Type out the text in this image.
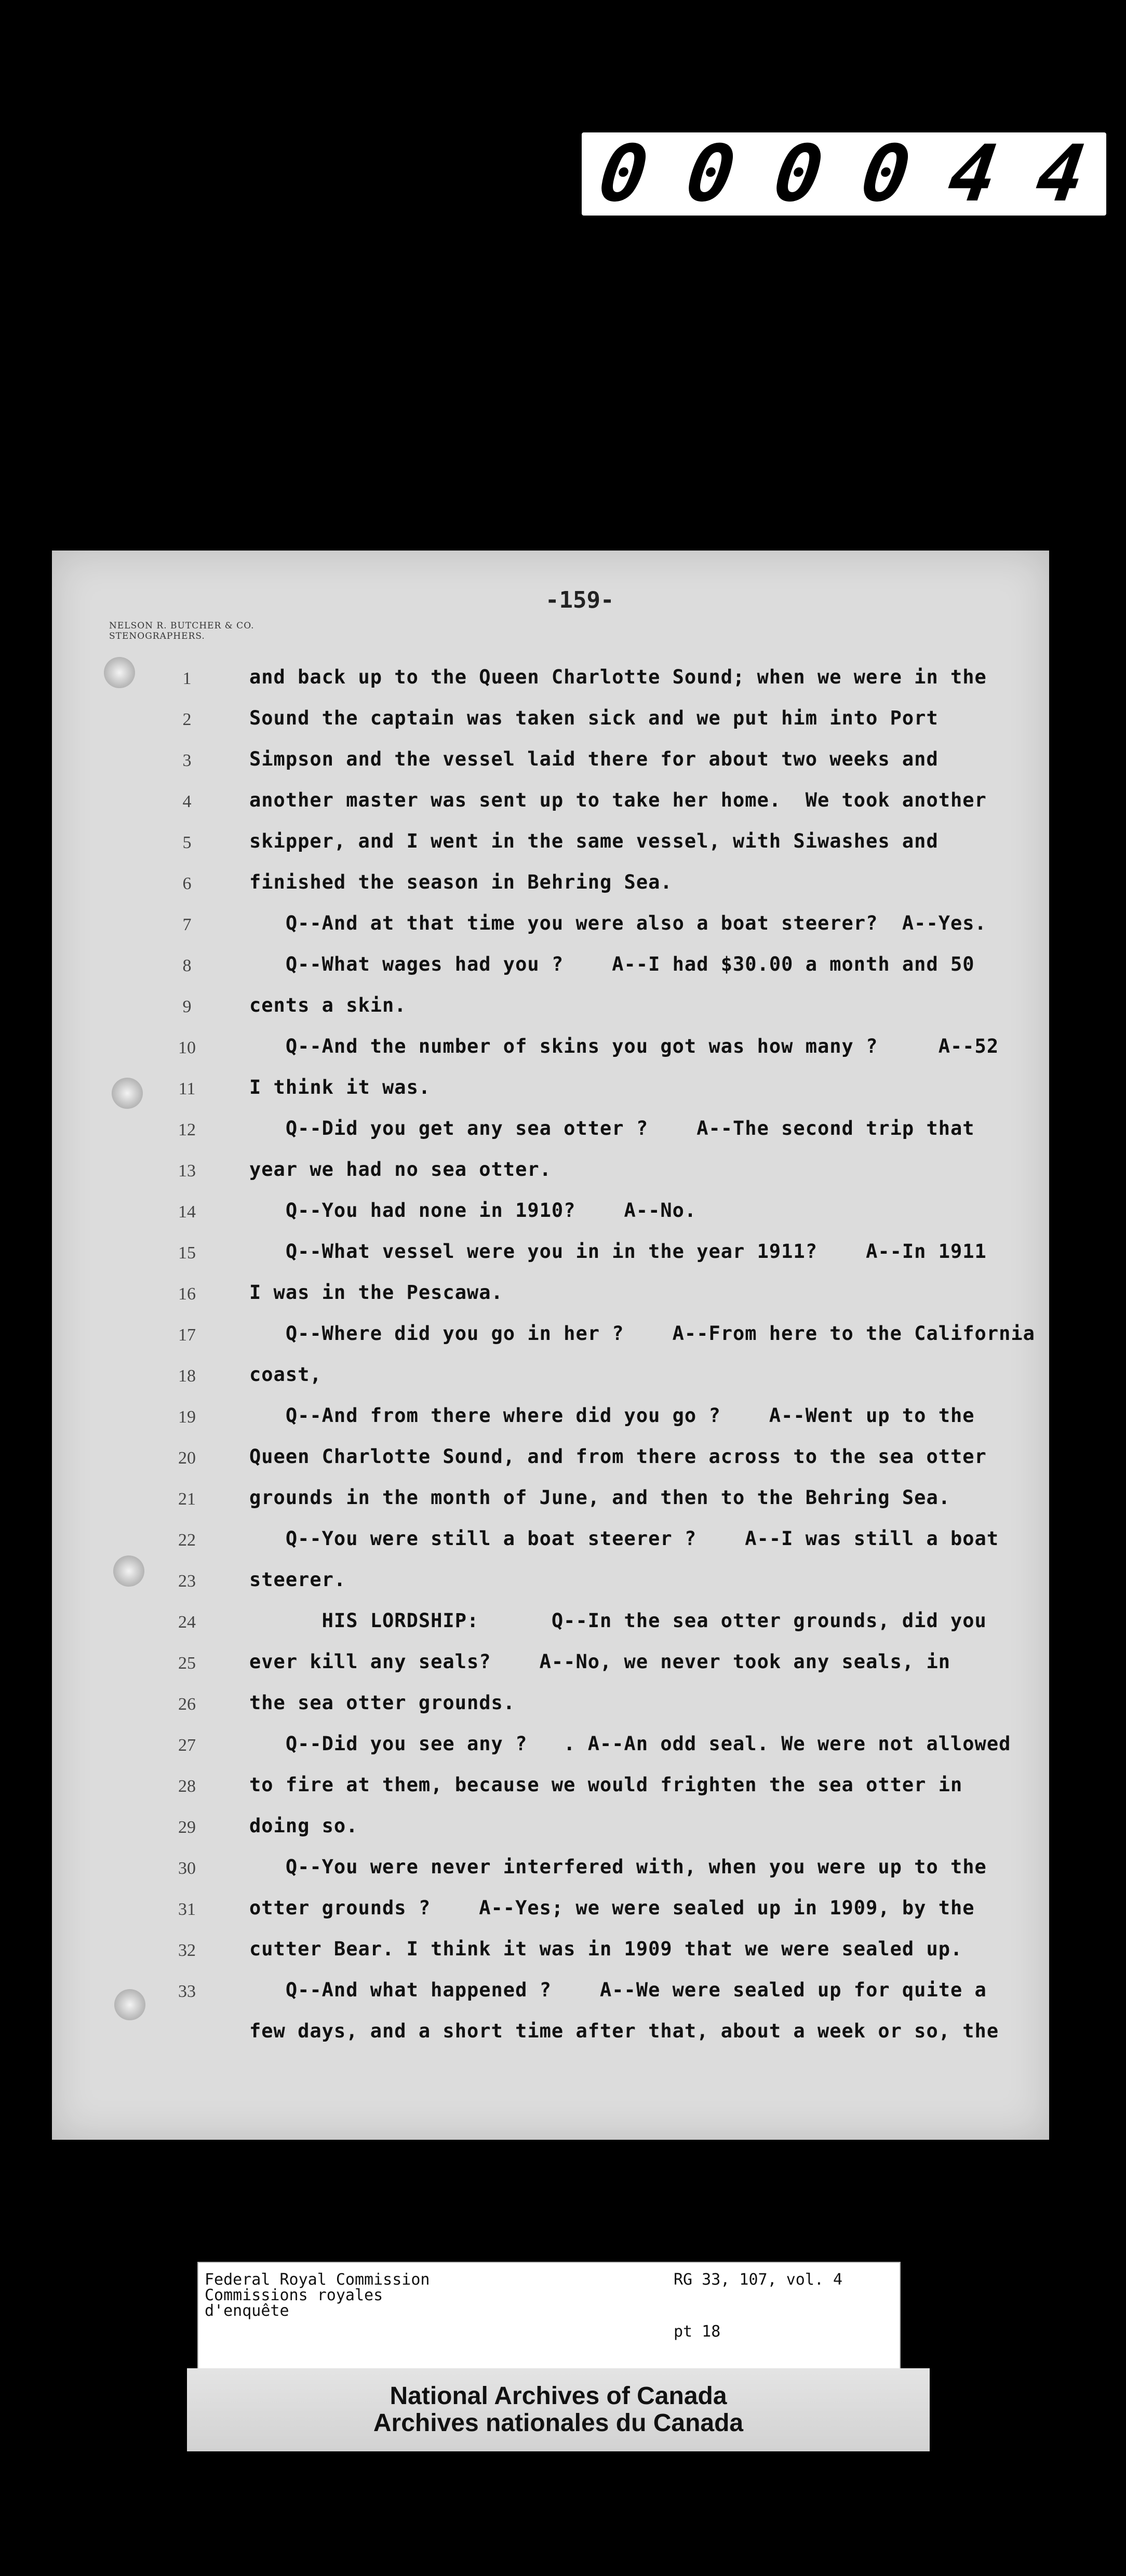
0 0 0 0 4 4
-159-
NELSON R. BUTCHER & CO.
STENOGRAPHERS.
1	and back up to the Queen Charlotte Sound; when we were in the
2	Sound the captain was taken sick and we put him into Port
3	Simpson and the vessel laid there for about two weeks and
4	another master was sent up to take her home.  We took another
5	skipper, and I went in the same vessel, with Siwashes and
6	finished the season in Behring Sea.
7	Q--And at that time you were also a boat steerer?  A--Yes.
8	Q--What wages had you ?    A--I had $30.00 a month and 50
9	cents a skin.
10	Q--And the number of skins you got was how many ?     A--52
11	I think it was.
12	Q--Did you get any sea otter ?    A--The second trip that
13	year we had no sea otter.
14	Q--You had none in 1910?    A--No.
15	Q--What vessel were you in in the year 1911?    A--In 1911
16	I was in the Pescawa.
17	Q--Where did you go in her ?    A--From here to the California
18	coast,
19	Q--And from there where did you go ?    A--Went up to the
20	Queen Charlotte Sound, and from there across to the sea otter
21	grounds in the month of June, and then to the Behring Sea.
22	Q--You were still a boat steerer ?    A--I was still a boat
23	steerer.
24	HIS LORDSHIP:      Q--In the sea otter grounds, did you
25	ever kill any seals?    A--No, we never took any seals, in
26	the sea otter grounds.
27	Q--Did you see any ?   . A--An odd seal. We were not allowed
28	to fire at them, because we would frighten the sea otter in
29	doing so.
30	Q--You were never interfered with, when you were up to the
31	otter grounds ?    A--Yes; we were sealed up in 1909, by the
32	cutter Bear. I think it was in 1909 that we were sealed up.
33	Q--And what happened ?    A--We were sealed up for quite a
few days, and a short time after that, about a week or so, the
Federal Royal Commission
Commissions royales
d'enquête
RG 33, 107, vol. 4
pt 18
National Archives of Canada
Archives nationales du Canada
